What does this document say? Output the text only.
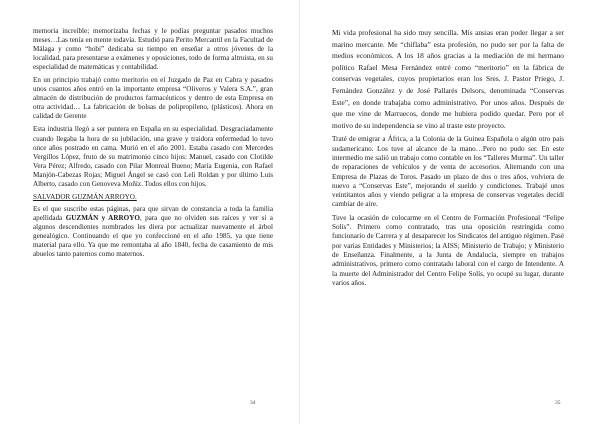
memoria increíble; memorizaba fechas y le podías preguntar pasados muchos meses…Las tenía en mente todavía. Estudió para Perito Mercantil en la Facultad de Málaga y como “hobi” dedicaba su tiempo en enseñar a otros jóvenes de la localidad, para presentarse a exámenes y oposiciones, todo de forma altruista, en su especialidad de matemáticas y contabilidad.

En un principio trabajó como meritorio en el Juzgado de Paz en Cabra y pasados unos cuantos años entró en la importante empresa “Oliveros y Valera S.A.”, gran almacén de distribución de productos farmacéuticos y dentro de esta Empresa en otra actividad… La fabricación de bolsas de polipropileno, (plásticos). Ahora en calidad de Gerente

Esta industria llegó a ser puntera en España en su especialidad. Desgraciadamente cuando llegaba la hora de su jubilación, una grave y traidora enfermedad lo tuvo once años postrado en cama. Murió en el año 2001. Estaba casado con Mercedes Vergillos López, fruto de su matrimonio cinco hijos: Manuel, casado con Clotilde Vera Pérez; Alfredo, casado con Pilar Monreal Bueno; María Eugenia, con Rafael Manjón-Cabezas Rojas; Miguel Ángel se casó con Leli Roldan y por último Luis Alberto, casado con Genoveva Moñiz. Todos ellos con hijos.

SALVADOR GUZMÁN ARROYO.

Es el que suscribe estas páginas, para que sirvan de constancia a toda la familia apellidada GUZMÁN y ARROYO, para que no olviden sus raíces y ver si a algunos descendientes nombrados les diera por actualizar nuevamente el árbol genealógico. Continuando el que yo confeccioné en el año 1985, ya que tiene material para ello. Ya que me remontaba al año 1840, fecha de casamiento de mis abuelos tanto paternos como maternos.

34

Mi vida profesional ha sido muy sencilla. Mis ansias eran poder llegar a ser marino mercante. Me “chiflaba” esta profesión, no pudo ser por la falta de medios económicos. A los 18 años gracias a la mediación de mi hermano político Rafael Mesa Fernández entré como “meritorio” en la fábrica de conservas vegetales, cuyos propietarios eran los Sres. J. Pastor Priego, J. Fernández González y de José Pallarés Delsors, denominada “Conservas Este”, en donde trabajaba como administrativo. Por unos años. Después de que me vine de Marruecos, donde me hubiera podido quedar. Pero por el motivo de su independencia se vino al traste este proyecto.

Traté de emigrar a África, a la Colonia de la Guinea Española o algún otro país sudamericano. Los tuve al alcance de la mano…Pero no pudo ser. En este intermedio me salió un trabajo como contable en los “Talleres Murma”. Un taller de reparaciones de vehículos y de venta de accesorios. Alternando con una Empresa de Plazas de Toros. Pasado un plazo de dos o tres años, volviera de nuevo a “Conservas Este”, mejorando el sueldo y condiciones. Trabajé unos veintitantos años y viendo peligrar a la empresa de conservas vegetales decidí cambiar de aire.

Tuve la ocasión de colocarme en el Centro de Formación Profesional “Felipe Solís”. Primero como contratado, tras una oposición restringida como funcionario de Carrera y al desaparecer los Sindicatos del antiguo régimen. Pasé por varias Entidades y Ministerios; la AISS; Ministerio de Trabajo; y Ministerio de Enseñanza. Finalmente, a la Junta de Andalucía, siempre en trabajos administrativos, primero como contratado laboral con el cargo de Intendente. A la muerte del Administrador del Centro Felipe Solís, yo ocupé su lugar, durante varios años.

35
